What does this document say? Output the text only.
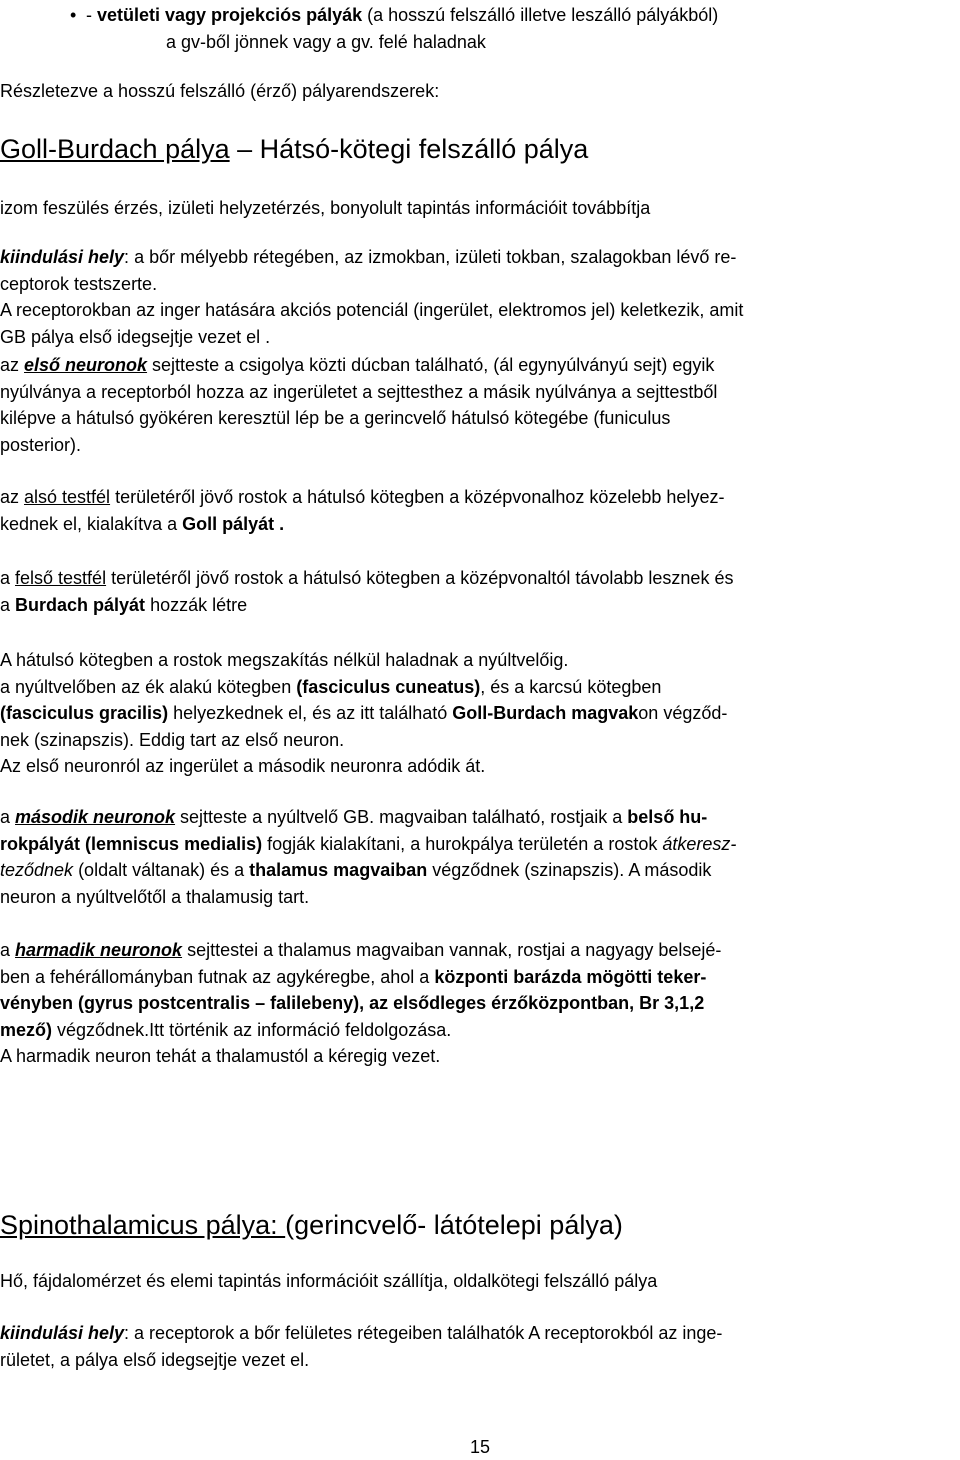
• - vetületi vagy projekciós pályák (a hosszú felszálló illetve leszálló pályákból)
a gv-ből jönnek vagy a gv. felé haladnak

Részletezve a hosszú felszálló (érző) pályarendszerek:

Goll-Burdach pálya – Hátsó-kötegi felszálló pálya

izom feszülés érzés, izületi helyzetérzés, bonyolult tapintás információit továbbítja

kiindulási hely: a bőr mélyebb rétegében, az izmokban, izületi tokban, szalagokban lévő re-
ceptorok testszerte.

A receptorokban az inger hatására akciós potenciál (ingerület, elektromos jel) keletkezik, amit
GB pálya első idegsejtje vezet el .

az első neuronok sejtteste a csigolya közti dúcban található, (ál egynyúlványú sejt) egyik
nyúlványa a receptorból hozza az ingerületet a sejttesthez a másik nyúlványa a sejttestből
kilépve a hátulsó gyökéren keresztül lép be a gerincvelő hátulsó kötegébe (funiculus
posterior).

az alsó testfél területéről jövő rostok a hátulsó kötegben a középvonalhoz közelebb helyez-
kednek el, kialakítva a Goll pályát .

a felső testfél területéről jövő rostok a hátulsó kötegben a középvonaltól távolabb lesznek és
a Burdach pályát hozzák létre

A hátulsó kötegben a rostok megszakítás nélkül haladnak a nyúltvelőig.
a nyúltvelőben az ék alakú kötegben (fasciculus cuneatus), és a karcsú kötegben
(fasciculus gracilis) helyezkednek el, és az itt található Goll-Burdach magvakon végződ-
nek (szinapszis). Eddig tart az első neuron.
Az első neuronról az ingerület a második neuronra adódik át.

a második neuronok sejtteste a nyúltvelő GB. magvaiban található, rostjaik a belső hu-
rokpályát (lemniscus medialis) fogják kialakítani, a hurokpálya területén a rostok átkeresz-
teződnek (oldalt váltanak) és a thalamus magvaiban végződnek (szinapszis). A második
neuron a nyúltvelőtől a thalamusig tart.

a harmadik neuronok sejttestei a thalamus magvaiban vannak, rostjai a nagyagy belsejé-
ben a fehérállományban futnak az agykéregbe, ahol a központi barázda mögötti teker-
vényben (gyrus postcentralis – falilebeny), az elsődleges érzőközpontban, Br 3,1,2
mező) végződnek.Itt történik az információ feldolgozása.
A harmadik neuron tehát a thalamustól a kéregig vezet.

Spinothalamicus pálya: (gerincvelő- látótelepi pálya)

Hő, fájdalomérzet és elemi tapintás információit szállítja, oldalkötegi felszálló pálya

kiindulási hely: a receptorok a bőr felületes rétegeiben találhatók A receptorokból az inge-
rületet, a pálya első idegsejtje vezet el.

15
